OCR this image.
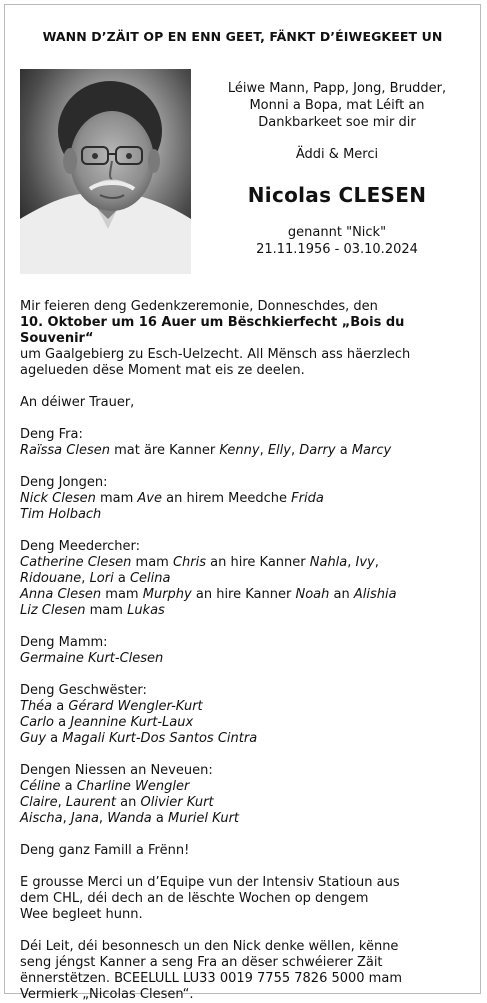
WANN D’ZÄIT OP EN ENN GEET, FÄNKT D’ÉIWEGKEET UN
Léiwe Mann, Papp, Jong, Brudder,
Monni a Bopa, mat Léift an
Dankbarkeet soe mir dir
Äddi & Merci
Nicolas CLESEN
genannt "Nick"
21.11.1956 - 03.10.2024

Mir feieren deng Gedenkzeremonie, Donneschdes, den

10. Oktober um 16 Auer um Bëschkierfecht „Bois du Souvenir“

um Gaalgebierg zu Esch-Uelzecht. All Mënsch ass häerzlech

agelueden dëse Moment mat eis ze deelen.

An déiwer Trauer,

Deng Fra:

Raïssa Clesen mat äre Kanner Kenny, Elly, Darry a Marcy

Deng Jongen:

Nick Clesen mam Ave an hirem Meedche Frida

Tim Holbach

Deng Meedercher:

Catherine Clesen mam Chris an hire Kanner Nahla, Ivy,

Ridouane, Lori a Celina

Anna Clesen mam Murphy an hire Kanner Noah an Alishia

Liz Clesen mam Lukas

Deng Mamm:

Germaine Kurt-Clesen

Deng Geschwëster:

Théa a Gérard Wengler-Kurt

Carlo a Jeannine Kurt-Laux

Guy a Magali Kurt-Dos Santos Cintra

Dengen Niessen an Neveuen:

Céline a Charline Wengler

Claire, Laurent an Olivier Kurt

Aischa, Jana, Wanda a Muriel Kurt

Deng ganz Famill a Frënn!

E grousse Merci un d’Equipe vun der Intensiv Statioun aus

dem CHL, déi dech an de lëschte Wochen op dengem

Wee begleet hunn.

Déi Leit, déi besonnesch un den Nick denke wëllen, kënne

seng jéngst Kanner a seng Fra an dëser schwéierer Zäit

ënnerstëtzen. BCEELULL LU33 0019 7755 7826 5000 mam

Vermierk „Nicolas Clesen“.
